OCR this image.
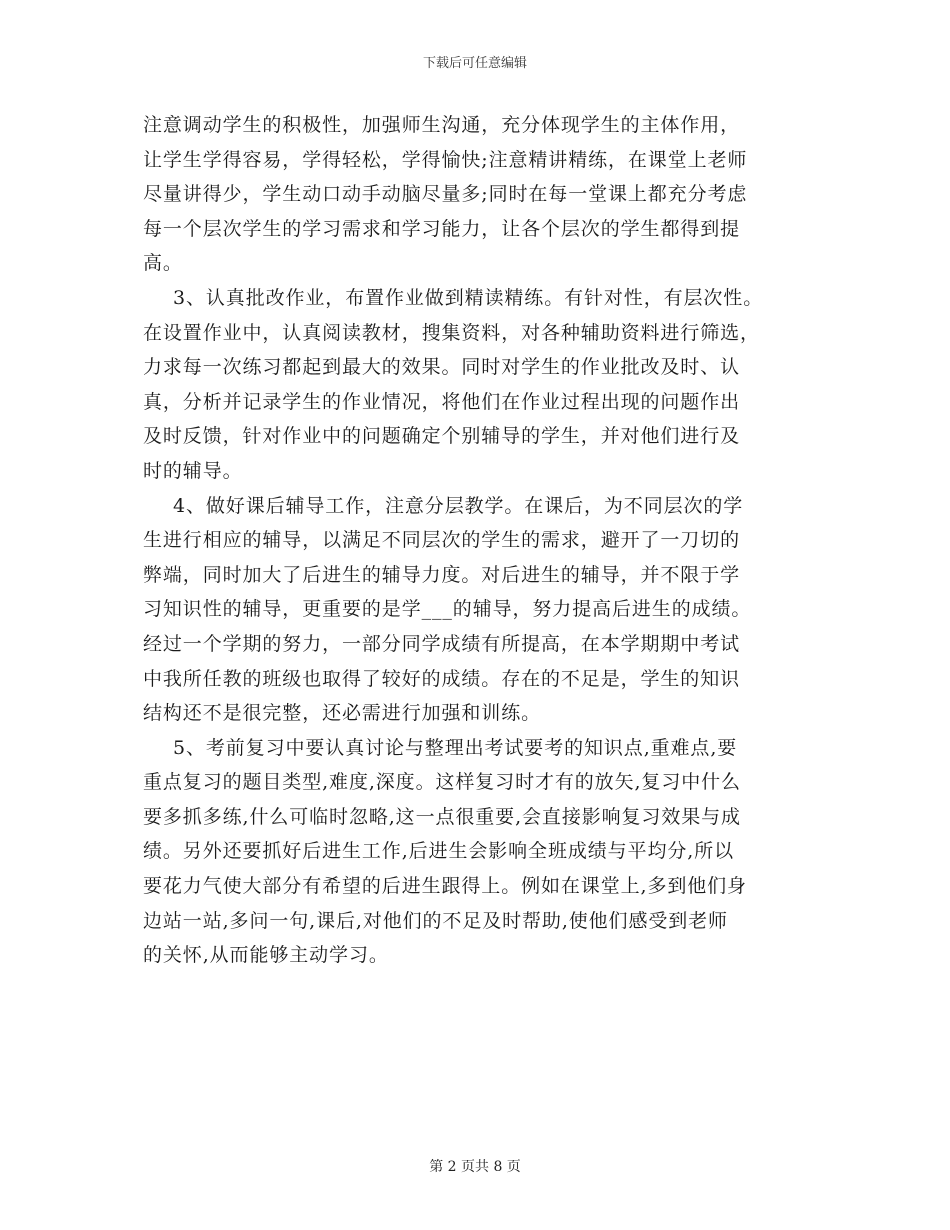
下载后可任意编辑
注意调动学生的积极性，加强师生沟通，充分体现学生的主体作用，
让学生学得容易，学得轻松，学得愉快;注意精讲精练，在课堂上老师
尽量讲得少，学生动口动手动脑尽量多;同时在每一堂课上都充分考虑
每一个层次学生的学习需求和学习能力，让各个层次的学生都得到提
高。
3、认真批改作业，布置作业做到精读精练。有针对性，有层次性。
在设置作业中，认真阅读教材，搜集资料，对各种辅助资料进行筛选，
力求每一次练习都起到最大的效果。同时对学生的作业批改及时、认
真，分析并记录学生的作业情况，将他们在作业过程出现的问题作出
及时反馈，针对作业中的问题确定个别辅导的学生，并对他们进行及
时的辅导。
4、做好课后辅导工作，注意分层教学。在课后，为不同层次的学
生进行相应的辅导，以满足不同层次的学生的需求，避开了一刀切的
弊端，同时加大了后进生的辅导力度。对后进生的辅导，并不限于学
习知识性的辅导，更重要的是学___的辅导，努力提高后进生的成绩。
经过一个学期的努力，一部分同学成绩有所提高，在本学期期中考试
中我所任教的班级也取得了较好的成绩。存在的不足是，学生的知识
结构还不是很完整，还必需进行加强和训练。
5、考前复习中要认真讨论与整理出考试要考的知识点,重难点,要
重点复习的题目类型,难度,深度。这样复习时才有的放矢,复习中什么
要多抓多练,什么可临时忽略,这一点很重要,会直接影响复习效果与成
绩。另外还要抓好后进生工作,后进生会影响全班成绩与平均分,所以
要花力气使大部分有希望的后进生跟得上。例如在课堂上,多到他们身
边站一站,多问一句,课后,对他们的不足及时帮助,使他们感受到老师
的关怀,从而能够主动学习。
第 2 页共 8 页
